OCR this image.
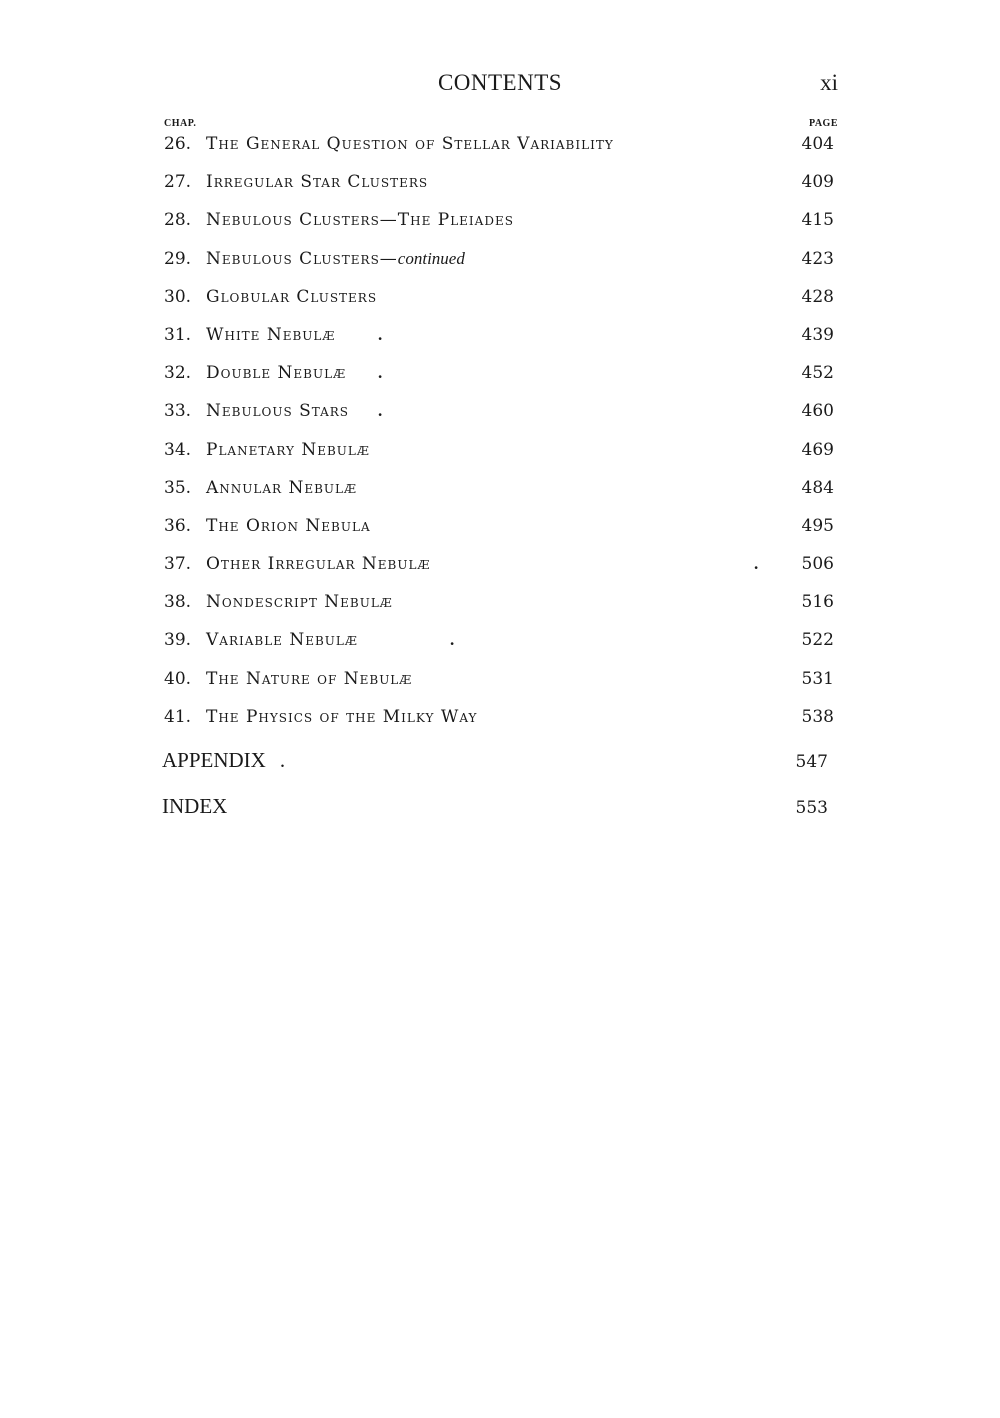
CONTENTS	xi
CHAP.	PAGE
26. The General Question of Stellar Variability	404
27. Irregular Star Clusters	409
28. Nebulous Clusters—The Pleiades	415
29. Nebulous Clusters—continued	423
30. Globular Clusters	428
31. White Nebulæ	.	439
32. Double Nebulæ .	452
33. Nebulous Stars .	460
34. Planetary Nebulæ	469
35. Annular Nebulæ	484
36. The Orion Nebula	495
37. Other Irregular Nebulæ	.	506
38. Nondescript Nebulæ	516
39. Variable Nebulæ	.	522
40. The Nature of Nebulæ	531
41. The Physics of the Milky Way	538
APPENDIX .	547
INDEX	553
